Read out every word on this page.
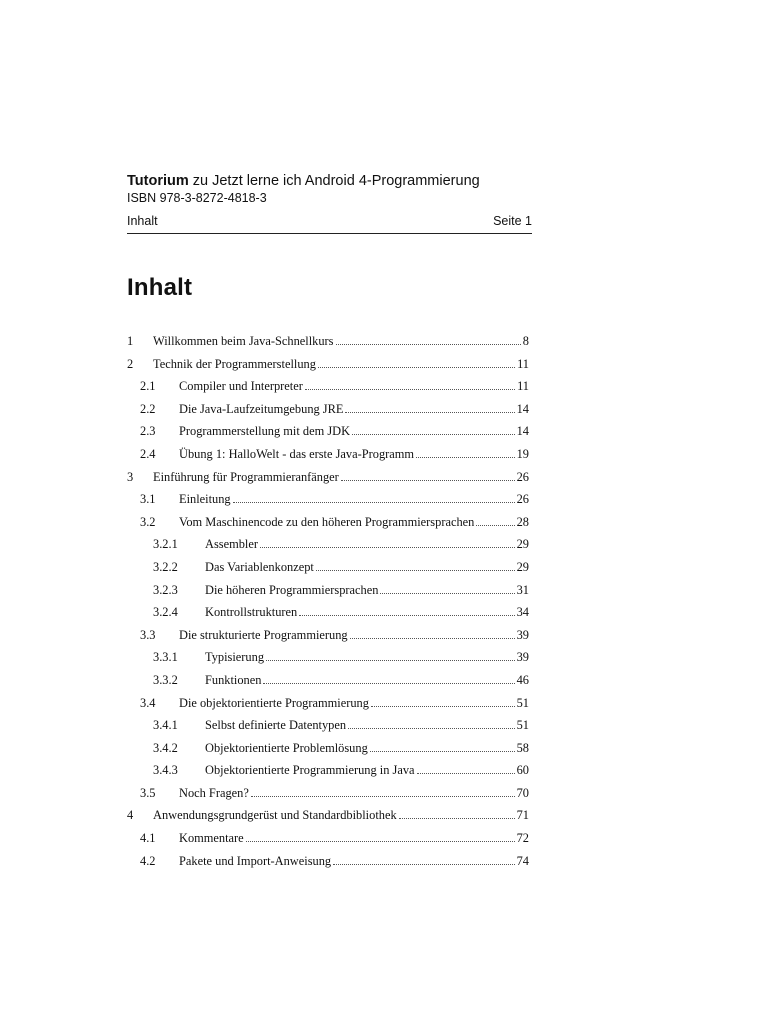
Tutorium zu Jetzt lerne ich Android 4-Programmierung
ISBN 978-3-8272-4818-3
Inhalt	Seite 1
Inhalt
1 Willkommen beim Java-Schnellkurs	8
2 Technik der Programmerstellung	11
2.1 Compiler und Interpreter	11
2.2 Die Java-Laufzeitumgebung JRE	14
2.3 Programmerstellung mit dem JDK	14
2.4 Übung 1: HalloWelt - das erste Java-Programm	19
3 Einführung für Programmieranfänger	26
3.1 Einleitung	26
3.2 Vom Maschinencode zu den höheren Programmiersprachen	28
3.2.1 Assembler	29
3.2.2 Das Variablenkonzept	29
3.2.3 Die höheren Programmiersprachen	31
3.2.4 Kontrollstrukturen	34
3.3 Die strukturierte Programmierung	39
3.3.1 Typisierung	39
3.3.2 Funktionen	46
3.4 Die objektorientierte Programmierung	51
3.4.1 Selbst definierte Datentypen	51
3.4.2 Objektorientierte Problemlösung	58
3.4.3 Objektorientierte Programmierung in Java	60
3.5 Noch Fragen?	70
4 Anwendungsgrundgerüst und Standardbibliothek	71
4.1 Kommentare	72
4.2 Pakete und Import-Anweisung	74
